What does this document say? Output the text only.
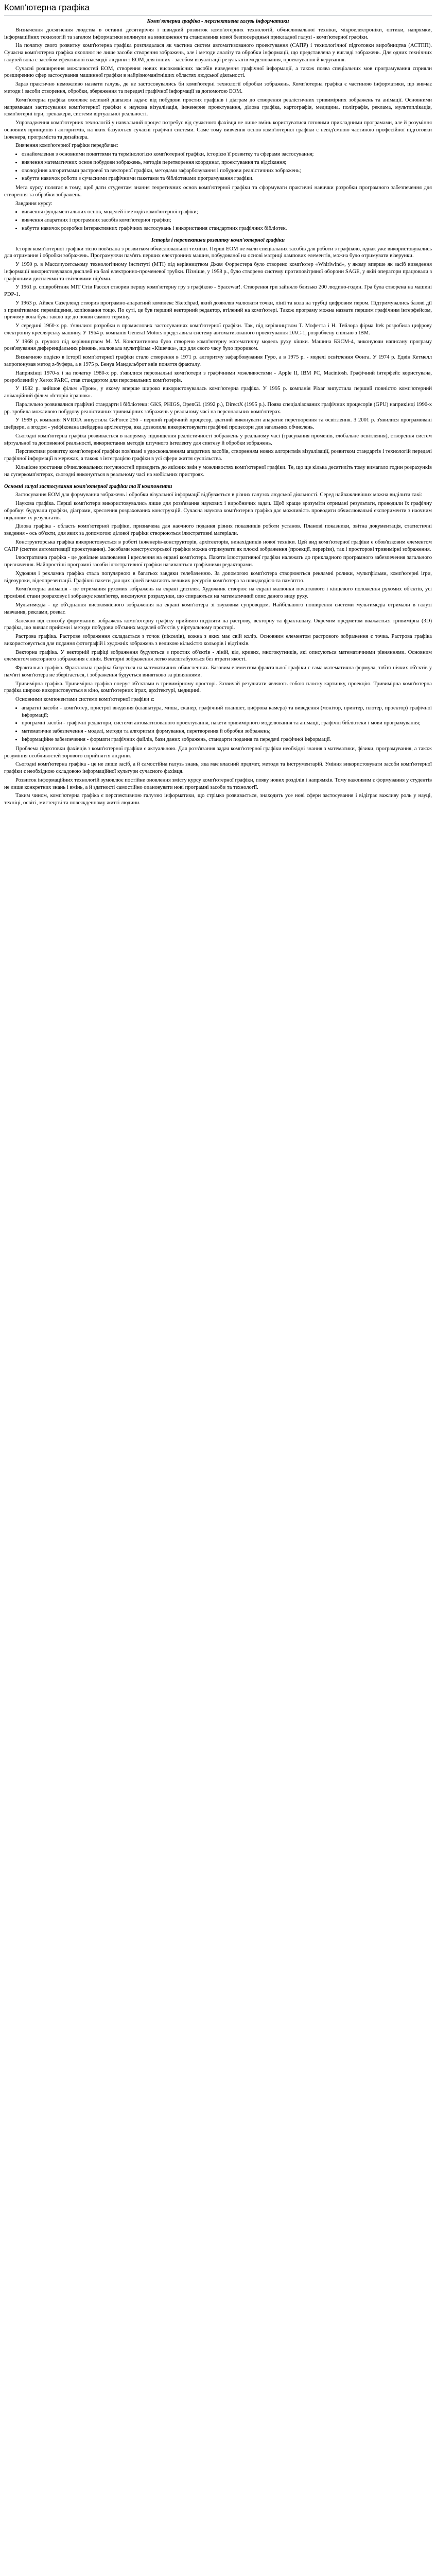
Комп'ютерна графіка
Комп'ютерна графіка - перспективна галузь інформатики

Визначення досягнення людства в останні десятиріччя і швидкий розвиток комп'ютерних технологій, обчислювальної техніки, мікроелектроніки, оптики, напрямки, інформаційних технологій та загалом інформатики вплинули на виникнення та становлення нової безпосередньої прикладної галузі - комп'ютерної графіки.

На початку свого розвитку комп'ютерна графіка розглядалася як частина систем автоматизованого проектування (САПР) і технологічної підготовки виробництва (АСТПП). Сучасна комп'ютерна графіка охоплює не лише засоби створення зображень, але і методи аналізу та обробки інформації, що представлена у вигляді зображень. Для одних технічних галузей вона є засобом ефективної взаємодії людини з ЕОМ, для інших - засобом візуалізації результатів моделювання, проектування й керування.

Сучасні розширення можливостей ЕОМ, створення нових високоякісних засобів виведення графічної інформації, а також поява спеціальних мов програмування сприяли розширенню сфер застосування машинної графіки в найрізноманітніших областях людської діяльності.

Зараз практично неможливо назвати галузь, де не застосовувались би комп'ютерні технології обробки зображень. Комп'ютерна графіка є частиною інформатики, що вивчає методи і засоби створення, обробки, збереження та передачі графічної інформації за допомогою ЕОМ.

Комп'ютерна графіка охоплює великий діапазон задач: від побудови простих графіків і діаграм до створення реалістичних тривимірних зображень та анімації. Основними напрямками застосування комп'ютерної графіки є наукова візуалізація, інженерне проектування, ділова графіка, картографія, медицина, поліграфія, реклама, мультиплікація, комп'ютерні ігри, тренажери, системи віртуальної реальності.

Упровадження комп'ютерних технологій у навчальний процес потребує від сучасного фахівця не лише вмінь користуватися готовими прикладними програмами, але й розуміння основних принципів і алгоритмів, на яких базуються сучасні графічні системи. Саме тому вивчення основ комп'ютерної графіки є невід'ємною частиною професійної підготовки інженера, програміста та дизайнера.

Вивчення комп'ютерної графіки передбачає:

• ознайомлення з основними поняттями та термінологією комп'ютерної графіки, історією її розвитку та сферами застосування;
• вивчення математичних основ побудови зображень, методів перетворення координат, проектування та відсікання;
• оволодіння алгоритмами растрової та векторної графіки, методами зафарбовування і побудови реалістичних зображень;
• набуття навичок роботи з сучасними графічними пакетами та бібліотеками програмування графіки.

Мета курсу полягає в тому, щоб дати студентам знання теоретичних основ комп'ютерної графіки та сформувати практичні навички розробки програмного забезпечення для створення та обробки зображень.

Завдання курсу:

• вивчення фундаментальних основ, моделей і методів комп'ютерної графіки;
• вивчення апаратних і програмних засобів комп'ютерної графіки;
• набуття навичок розробки інтерактивних графічних застосувань і використання стандартних графічних бібліотек.
Історія і перспективи розвитку комп'ютерної графіки

Історія комп'ютерної графіки тісно пов'язана з розвитком обчислювальної техніки. Перші ЕОМ не мали спеціальних засобів для роботи з графікою, однак уже використовувались для отримання і обробки зображень. Програмуючи пам'ять перших електронних машин, побудованої на основі матриці лампових елементів, можна було отримувати візерунки.

У 1950 р. в Массачусетському технологічному інституті (МТІ) під керівництвом Джея Форрестера було створено комп'ютер «Whirlwind», у якому вперше як засіб виведення інформації використовувався дисплей на базі електронно-променевої трубки. Пізніше, у 1958 р., було створено систему протиповітряної оборони SAGE, у якій оператори працювали з графічними дисплеями та світловими пір'ями.

У 1961 р. співробітник MIT Стів Рассел створив першу комп'ютерну гру з графікою - Spacewar!. Створення гри зайняло близько 200 людино-годин. Гра була створена на машині PDP-1.

У 1963 р. Айвен Сазерленд створив програмно-апаратний комплекс Sketchpad, який дозволяв малювати точки, лінії та кола на трубці цифровим пером. Підтримувались базові дії з примітивами: переміщення, копіювання тощо. По суті, це був перший векторний редактор, втілений на комп'ютері. Також програму можна назвати першим графічним інтерфейсом, причому вона була такою ще до появи самого терміну.

У середині 1960-х рр. з'явилися розробки в промислових застосуваннях комп'ютерної графіки. Так, під керівництвом Т. Мофетта і Н. Тейлора фірма Itek розробила цифрову електронну креслярську машину. У 1964 р. компанія General Motors представила систему автоматизованого проектування DAC-1, розроблену спільно з IBM.

У 1968 р. групою під керівництвом М. М. Константинова було створено комп'ютерну математичну модель руху кішки. Машина БЭСМ-4, виконуючи написану програму розв'язування диференціальних рівнянь, малювала мультфільм «Кішечка», що для свого часу було проривом.

Визначною подією в історії комп'ютерної графіки стало створення в 1971 р. алгоритму зафарбовування Гуро, а в 1975 р. - моделі освітлення Фонга. У 1974 р. Едвін Кетмелл запропонував метод z-буфера, а в 1975 р. Бенуа Мандельброт ввів поняття фракталу.

Наприкінці 1970-х і на початку 1980-х рр. з'явилися персональні комп'ютери з графічними можливостями - Apple II, IBM PC, Macintosh. Графічний інтерфейс користувача, розроблений у Xerox PARC, став стандартом для персональних комп'ютерів.

У 1982 р. вийшов фільм «Трон», у якому вперше широко використовувалась комп'ютерна графіка. У 1995 р. компанія Pixar випустила перший повністю комп'ютерний анімаційний фільм «Історія іграшок».

Паралельно розвивалися графічні стандарти і бібліотеки: GKS, PHIGS, OpenGL (1992 р.), DirectX (1995 р.). Поява спеціалізованих графічних процесорів (GPU) наприкінці 1990-х рр. зробила можливою побудову реалістичних тривимірних зображень у реальному часі на персональних комп'ютерах.

У 1999 р. компанія NVIDIA випустила GeForce 256 - перший графічний процесор, здатний виконувати апаратне перетворення та освітлення. З 2001 р. з'явилися програмовані шейдери, а згодом - уніфікована шейдерна архітектура, яка дозволила використовувати графічні процесори для загальних обчислень.

Сьогодні комп'ютерна графіка розвивається в напрямку підвищення реалістичності зображень у реальному часі (трасування променів, глобальне освітлення), створення систем віртуальної та доповненої реальності, використання методів штучного інтелекту для синтезу й обробки зображень.

Перспективи розвитку комп'ютерної графіки пов'язані з удосконаленням апаратних засобів, створенням нових алгоритмів візуалізації, розвитком стандартів і технологій передачі графічної інформації в мережах, а також з інтеграцією графіки в усі сфери життя суспільства.

Кількісне зростання обчислювальних потужностей приводить до якісних змін у можливостях комп'ютерної графіки. Те, що ще кілька десятиліть тому вимагало годин розрахунків на суперкомп'ютерах, сьогодні виконується в реальному часі на мобільних пристроях.

Основні галузі застосування комп'ютерної графіки та її компоненти

Застосування ЕОМ для формування зображень і обробки візуальної інформації відбувається в різних галузях людської діяльності. Серед найважливіших можна виділити такі:

Наукова графіка. Перші комп'ютери використовувались лише для розв'язання наукових і виробничих задач. Щоб краще зрозуміти отримані результати, проводили їх графічну обробку: будували графіки, діаграми, креслення розрахованих конструкцій. Сучасна наукова комп'ютерна графіка дає можливість проводити обчислювальні експерименти з наочним поданням їх результатів.

Ділова графіка - область комп'ютерної графіки, призначена для наочного подання різних показників роботи установ. Планові показники, звітна документація, статистичні зведення - ось об'єкти, для яких за допомогою ділової графіки створюються ілюстративні матеріали.

Конструкторська графіка використовується в роботі інженерів-конструкторів, архітекторів, винахідників нової техніки. Цей вид комп'ютерної графіки є обов'язковим елементом САПР (систем автоматизації проектування). Засобами конструкторської графіки можна отримувати як плоскі зображення (проекції, перерізи), так і просторові тривимірні зображення.

Ілюстративна графіка - це довільне малювання і креслення на екрані комп'ютера. Пакети ілюстративної графіки належать до прикладного програмного забезпечення загального призначення. Найпростіші програмні засоби ілюстративної графіки називаються графічними редакторами.

Художня і рекламна графіка стала популярною в багатьох завдяки телебаченню. За допомогою комп'ютера створюються рекламні ролики, мультфільми, комп'ютерні ігри, відеоуроки, відеопрезентації. Графічні пакети для цих цілей вимагають великих ресурсів комп'ютера за швидкодією та пам'яттю.

Комп'ютерна анімація - це отримання рухомих зображень на екрані дисплея. Художник створює на екрані малюнки початкового і кінцевого положення рухомих об'єктів, усі проміжні стани розраховує і зображує комп'ютер, виконуючи розрахунки, що спираються на математичний опис даного виду руху.

Мультимедіа - це об'єднання високоякісного зображення на екрані комп'ютера зі звуковим супроводом. Найбільшого поширення системи мультимедіа отримали в галузі навчання, реклами, розваг.

Залежно від способу формування зображень комп'ютерну графіку прийнято поділяти на растрову, векторну та фрактальну. Окремим предметом вважається тривимірна (3D) графіка, що вивчає прийоми і методи побудови об'ємних моделей об'єктів у віртуальному просторі.

Растрова графіка. Растрове зображення складається з точок (пікселів), кожна з яких має свій колір. Основним елементом растрового зображення є точка. Растрова графіка використовується для подання фотографій і художніх зображень з великою кількістю кольорів і відтінків.

Векторна графіка. У векторній графіці зображення будуються з простих об'єктів - ліній, кіл, кривих, многокутників, які описуються математичними рівняннями. Основним елементом векторного зображення є лінія. Векторні зображення легко масштабуються без втрати якості.

Фрактальна графіка. Фрактальна графіка базується на математичних обчисленнях. Базовим елементом фрактальної графіки є сама математична формула, тобто ніяких об'єктів у пам'яті комп'ютера не зберігається, і зображення будується винятково за рівняннями.

Тривимірна графіка. Тривимірна графіка оперує об'єктами в тривимірному просторі. Зазвичай результати являють собою плоску картинку, проекцію. Тривимірна комп'ютерна графіка широко використовується в кіно, комп'ютерних іграх, архітектурі, медицині.

Основними компонентами системи комп'ютерної графіки є:

• апаратні засоби - комп'ютер, пристрої введення (клавіатура, миша, сканер, графічний планшет, цифрова камера) та виведення (монітор, принтер, плотер, проектор) графічної інформації;
• програмні засоби - графічні редактори, системи автоматизованого проектування, пакети тривимірного моделювання та анімації, графічні бібліотеки і мови програмування;
• математичне забезпечення - моделі, методи та алгоритми формування, перетворення й обробки зображень;
• інформаційне забезпечення - формати графічних файлів, бази даних зображень, стандарти подання та передачі графічної інформації.

Проблема підготовки фахівців з комп'ютерної графіки є актуальною. Для розв'язання задач комп'ютерної графіки необхідні знання з математики, фізики, програмування, а також розуміння особливостей зорового сприйняття людини.

Сьогодні комп'ютерна графіка - це не лише засіб, а й самостійна галузь знань, яка має власний предмет, методи та інструментарій. Уміння використовувати засоби комп'ютерної графіки є необхідною складовою інформаційної культури сучасного фахівця.

Розвиток інформаційних технологій зумовлює постійне оновлення змісту курсу комп'ютерної графіки, появу нових розділів і напрямків. Тому важливим є формування у студентів не лише конкретних знань і вмінь, а й здатності самостійно опановувати нові програмні засоби та технології.

Таким чином, комп'ютерна графіка є перспективною галуззю інформатики, що стрімко розвивається, знаходить усе нові сфери застосування і відіграє важливу роль у науці, техніці, освіті, мистецтві та повсякденному житті людини.
